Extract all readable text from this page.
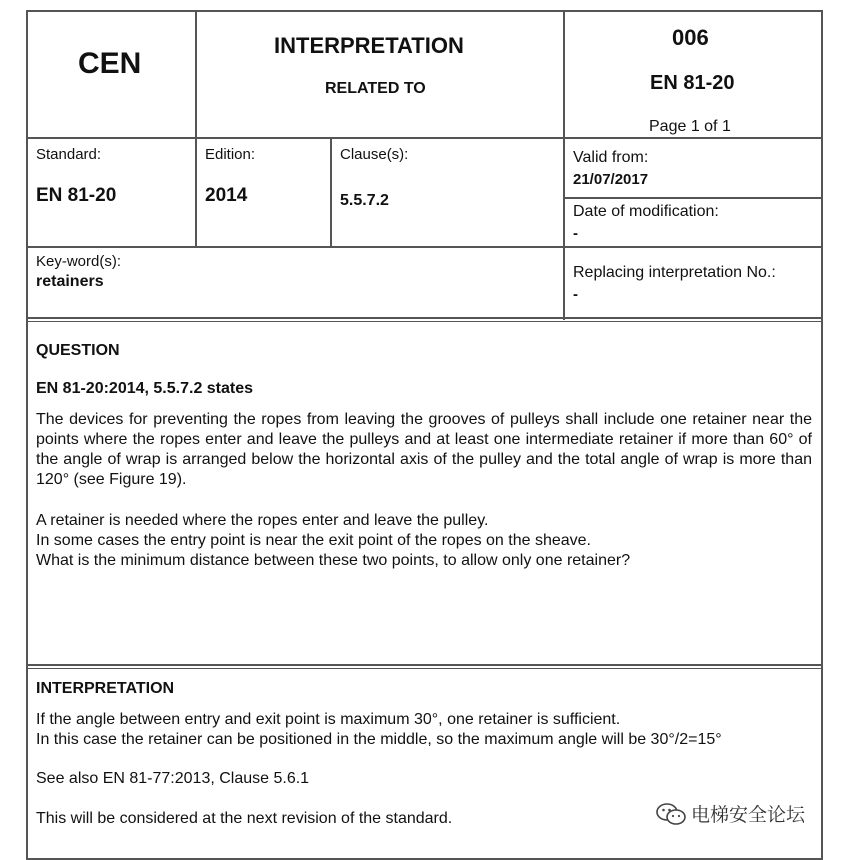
CEN
INTERPRETATION
RELATED TO
006
EN 81-20
Page 1 of 1
Standard:
EN 81-20
Edition:
2014
Clause(s):
5.5.7.2
Valid from:
21/07/2017
Date of modification:
-
Key-word(s):
retainers
Replacing interpretation No.:
-
QUESTION
EN 81-20:2014, 5.5.7.2 states

The devices for preventing the ropes from leaving the grooves of pulleys shall include one retainer near the points where the ropes enter and leave the pulleys and at least one intermediate retainer if more than 60° of the angle of wrap is arranged below the horizontal axis of the pulley and the total angle of wrap is more than 120° (see Figure 19).

A retainer is needed where the ropes enter and leave the pulley.

In some cases the entry point is near the exit point of the ropes on the sheave.

What is the minimum distance between these two points, to allow only one retainer?

INTERPRETATION

If the angle between entry and exit point is maximum 30°, one retainer is sufficient.

In this case the retainer can be positioned in the middle, so the maximum angle will be 30°/2=15°

See also EN 81-77:2013, Clause 5.6.1
This will be considered at the next revision of the standard.	电梯安全论坛
